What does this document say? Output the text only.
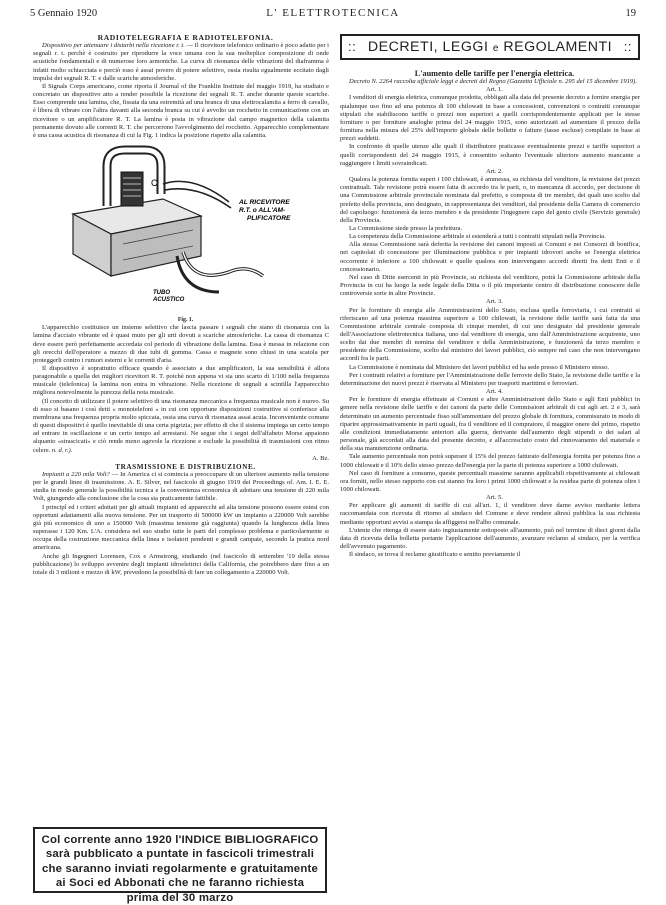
5 Gennaio 1920	L' ELETTROTECNICA	19

RADIOTELEGRAFIA E RADIOTELEFONIA.

Dispositivo per attenuare i disturbi nella ricezione r. t. — Il ricevitore telefonico ordinario è poco adatto per i segnali r. t. perchè è costruito per riprodurre la voce umana con la sua molteplice composizione di onde acustiche fondamentali e di numerose loro armoniche. La curva di risonanza delle vibrazioni del diaframma è infatti molto schiacciata e perciò esso è assai povero di potere selettivo, ossia risulta egualmente eccitato dagli impulsi dei segnali R. T. e dalle scariche atmosferiche.

Il Signals Corps americano, come riporta il Journal of the Franklin Institute del maggio 1919, ha studiato e concretato un dispositivo atto a render possibile la ricezione dei segnali R. T. anche durante queste scariche. Esso comprende una lamina, che, fissata da una estremità ad una branca di una elettrocalamita a ferro di cavallo, è libera di vibrare con l'altra davanti alla seconda branca su cui è avvolto un rocchetto in comunicazione con un ricevitore o un amplificatore R. T. La lamina è posta in vibrazione dal campo magnetico della calamita permanente dovuto alle correnti R. T. che percorrono l'avvolgimento del rocchetto. Apparecchio complementare è una cassa acustica di risonanza di cui la Fig. 1 indica la posizione rispetto alla calamita.

C
AL RICEVITORE
R.T. o ALL'AM-
PLIFICATORE
TUBO
ACUSTICO

Fig. 1.

L'apparecchio costituisce un insieme selettivo che lascia passare i segnali che siano di risonanza con la lamina d'acciaio vibrante ed è quasi muto per gli urti dovuti a scariche atmosferiche. La cassa di risonanza C deve essere però perfettamente accordata col periodo di vibrazione della lamina. Essa è messa in relazione con gli orecchi dell'operatore a mezzo di due tubi di gomma. Cassa e magnete sono chiusi in una scatola per proteggerli contro i rumori esterni e le correnti d'aria.

Il dispositivo è soprattutto efficace quando è associato a due amplificatori, la sua sensibilità è allora paragonabile a quella dei migliori ricevitori R. T. poichè non appena vi sia uno scarto di 1/100 nella frequenza musicale (telefonica) la lamina non entra in vibrazione. Nella ricezione di segnali a scintilla l'apparecchio migliora notevolmente la purezza della nota musicale.

(Il concetto di utilizzare il potere selettivo di una risonanza meccanica a frequenza musicale non è nuovo. Su di esso si basano i così detti « monotelefoni » in cui con opportune disposizioni costruttive si conferisce alla membrana una frequenza propria molto spiccata, ossia una curva di risonanza assai acuta. Inconveniente comune di questi dispositivi è quello inevitabile di una certa pigrizia; per effetto di che il sistema impiega un certo tempo ad entrare in oscillazione e un certo tempo ad arrestarsi. Ne segue che i segni dell'alfabeto Morse appaiono alquanto «strascicati» e ciò rende meno agevole la ricezione e esclude la possibilità di trasmissioni con ritmo celere. n. d. r.).

A. Bz.

TRASMISSIONE E DISTRIBUZIONE.

Impianti a 220 mila Volt? — In America ci si comincia a preoccupare di un ulteriore aumento nella tensione per le grandi linee di trasmissione. A. E. Silver, nel fascicolo di giugno 1919 dei Proceedings of. Am. I. E. E. studia in modo generale la possibilità tecnica e la convenienza economica di adottare una tensione di 220 mila Volt, giungendo alla conclusione che la cosa sia praticamente fattibile.

I principî ed i criteri adottati per gli attuali impianti ed apparecchi ad alta tensione possono essere estesi con opportuni adattamenti alla nuova tensione. Per un trasporto di 500000 kW un impianto a 220000 Volt sarebbe già più economico di uno a 150000 Volt (massima tensione già raggiunta) quando la lunghezza della linea superasse i 120 Km. L'A. considera nel suo studio tutte le parti del complesso problema e particolarmente si occupa della costruzione meccanica della linea e isolatori pendenti e grandi campate, secondo la pratica nord americana.

Anche gli Ingegneri Lorensen, Cox e Armstrong, studiando (nel fascicolo di settembre '19 della stessa pubblicazione) lo sviluppo avvenire degli impianti idroelettrici della California, che potrebbero dare fino a un totale di 3 milioni e mezzo di kW, prevedono la possibilità di fare un collegamento a 220000 Volt.

Col corrente anno 1920 l'INDICE BIBLIOGRAFICO sarà pubblicato a puntate in fascicoli trimestrali che saranno inviati regolarmente e gratuitamente ai Soci ed Abbonati che ne faranno richiesta prima del 30 marzo
:: DECRETI, LEGGI e REGOLAMENTI ::

L'aumento delle tariffe per l'energia elettrica.

Decreto N. 2264 raccolta ufficiale leggi e decreti del Regno (Gazzetta Ufficiale n. 295 del 15 dicembre 1919).

Art. 1.

I venditori di energia elettrica, comunque prodotta, obbligati alla data del presente decreto a fornire energia per qualunque uso fino ad una potenza di 100 chilowatt in base a concessioni, convenzioni o contratti comunque stipulati che stabiliscono tariffe o prezzi non superiori a quelli corrispondentemente applicati per le stesse forniture o per forniture analoghe prima del 24 maggio 1915, sono autorizzati ad aumentare il prezzo della fornitura nella misura del 25% dell'importo globale delle bollette o fatture (tasse escluse) compilate in base ai prezzi suddetti.

In confronto di quelle utenze alle quali il distributore praticasse eventualmente prezzi e tariffe superiori a quelli corrispondenti del 24 maggio 1915, è consentito soltanto l'eventuale ulteriore aumento mancante a raggiungere i limiti sovraindicati.

Art. 2.

Qualora la potenza fornita superi i 100 chilowatt, è ammessa, su richiesta del venditore, la revisione dei prezzi contrattuali. Tale revisione potrà essere fatta di accordo tra le parti, o, in mancanza di accordo, per decisione di una Commissione arbitrale provinciale nominata dal prefetto, e composta di tre membri, dei quali uno scelto dal prefetto della provincia, uno designato, in rappresentanza dei venditori, dal presidente della Camera di commercio del capoluogo: funzionerà da terzo membro e da presidente l'ingegnere capo del genio civile (Servizio generale) della Provincia.

La Commissione siede presso la prefettura.

La competenza della Commissione arbitrale si estenderà a tutti i contratti stipulati nella Provincia.

Alla stessa Commissione sarà deferita la revisione dei canoni imposti ai Comuni e nei Consorzi di bonifica, nei capitolati di concessione per illuminazione pubblica e per impianti idrovori anche se l'energia elettrica occorrente è inferiore a 100 chilowatt e quelle qualora non intervengano accordi diretti fra detti Enti e il concessionario.

Nel caso di Ditte esercenti in più Provincie, su richiesta del venditore, potrà la Commissione arbitrale della Provincia in cui ha luogo la sede legale della Ditta o il più importante centro di distribuzione conoscere delle controversie sorte in altre Provincie.

Art. 3.

Per le forniture di energia alle Amministrazioni dello Stato, esclusa quella ferroviaria, i cui contratti si riferiscano ad una potenza massima superiore a 100 chilowatt, la revisione delle tariffe sarà fatta da una Commissione arbitrale centrale composta di cinque membri, di cui uno designato dal presidente generale dell'Associazione elettrotecnica italiana, uno dal venditore di energia, uno dall'Amministrazione acquirente, uno scelto dai due membri di nomina del venditore e della Amministrazione, e funzionerà da terzo membro e presidente della Commissione, scelto dal ministro dei lavori pubblici, ciò sempre nel caso che non intervengano accordi fra le parti.

La Commissione è nominata dal Ministero dei lavori pubblici ed ha sede presso il Ministero stesso.

Per i contratti relativi a forniture per l'Amministrazione delle ferrovie dello Stato, la revisione delle tariffe e la determinazione dei nuovi prezzi è riservata al Ministero per trasporti marittimi e ferroviari.

Art. 4.

Per le forniture di energia effettuate ai Comuni e altre Amministrazioni dello Stato e agli Enti pubblici in genere nella revisione delle tariffe e dei canoni da parte delle Commissioni arbitrali di cui agli art. 2 e 3, sarà determinato un aumento percentuale fisso sull'ammontare del prezzo globale di fornitura, commisurato in modo di riparire approssimativamente in parti uguali, fra il venditore ed il compratore, il maggior onere del primo, rispetto alle condizioni immediatamente anteriori alla guerra, derivante dall'aumento degli stipendi o dei salari al personale, già accordati alla data del presente decreto, e all'accresciuto costo del rinnovamento del materiale e della sua manutenzione ordinaria.

Tale aumento percentuale non potrà superare il 15% del prezzo fatturato dell'energia fornita per potenza fino a 1000 chilowatt e il 10% dello stesso prezzo dell'energia per la parte di potenza superiore a 1000 chilowatt.

Nel caso di forniture a consumo, queste percentuali massime saranno applicabili rispettivamente ai chilowatt ora forniti, nello stesso rapporto con cui stanno fra loro i primi 1000 chilowatt e la residua parte di potenza oltre i 1000 chilowatt.

Art. 5.

Per applicare gli aumenti di tariffe di cui all'art. 1, il venditore deve darne avviso mediante lettera raccomandata con ricevuta di ritorno al sindaco del Comune e deve rendere altresì pubblica la sua richiesta mediante opportuni avvisi a stampa da affiggersi nell'albo comunale.

L'utente che ritenga di essere stato ingiustamente sottoposto all'aumento, può nel termine di dieci giorni dalla data di ricevuta della bolletta portante l'applicazione dell'aumento, avanzare reclamo al sindaco, per la verifica dell'avvenuto pagamento.

Il sindaco, se trova il reclamo giustificato e sentito previamente il
